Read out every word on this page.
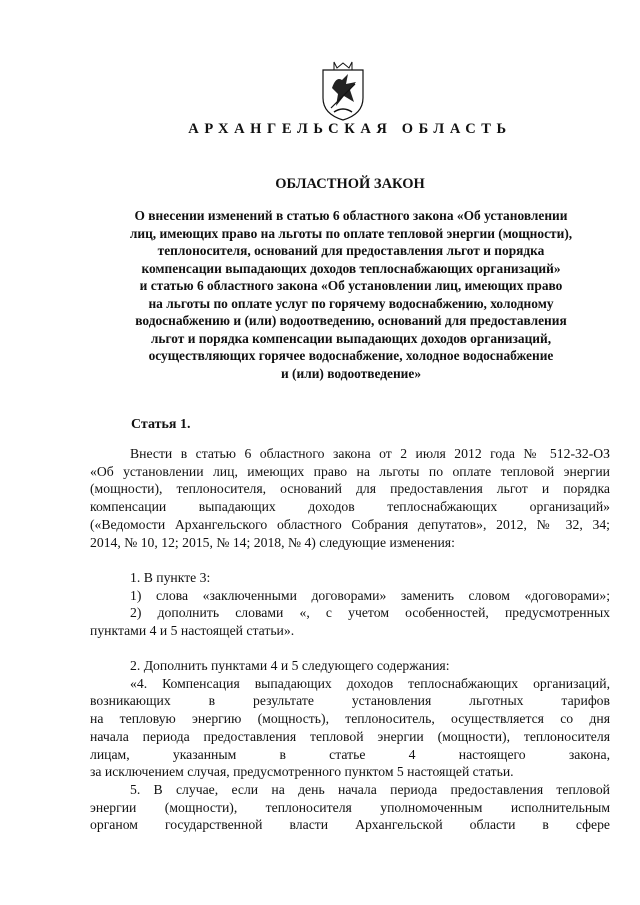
АРХАНГЕЛЬСКАЯ ОБЛАСТЬ
ОБЛАСТНОЙ ЗАКОН
О внесении изменений в статью 6 областного закона «Об установлении
лиц, имеющих право на льготы по оплате тепловой энергии (мощности),
теплоносителя, оснований для предоставления льгот и порядка
компенсации выпадающих доходов теплоснабжающих организаций»
и статью 6 областного закона «Об установлении лиц, имеющих право
на льготы по оплате услуг по горячему водоснабжению, холодному
водоснабжению и (или) водоотведению, оснований для предоставления
льгот и порядка компенсации выпадающих доходов организаций,
осуществляющих горячее водоснабжение, холодное водоснабжение
и (или) водоотведение»
Статья 1.
Внести в статью 6 областного закона от 2 июля 2012 года № 512-32-ОЗ
«Об установлении лиц, имеющих право на льготы по оплате тепловой энергии
(мощности), теплоносителя, оснований для предоставления льгот и порядка
компенсации выпадающих доходов теплоснабжающих организаций»
(«Ведомости Архангельского областного Собрания депутатов», 2012, № 32, 34;
2014, № 10, 12; 2015, № 14; 2018, № 4) следующие изменения:
1. В пункте 3:
1) слова «заключенными договорами» заменить словом «договорами»;
2) дополнить словами «, с учетом особенностей, предусмотренных
пунктами 4 и 5 настоящей статьи».
2. Дополнить пунктами 4 и 5 следующего содержания:
«4. Компенсация выпадающих доходов теплоснабжающих организаций,
возникающих в результате установления льготных тарифов
на тепловую энергию (мощность), теплоноситель, осуществляется со дня
начала периода предоставления тепловой энергии (мощности), теплоносителя
лицам, указанным в статье 4 настоящего закона,
за исключением случая, предусмотренного пунктом 5 настоящей статьи.
5. В случае, если на день начала периода предоставления тепловой
энергии (мощности), теплоносителя уполномоченным исполнительным
органом государственной власти Архангельской области в сфере
